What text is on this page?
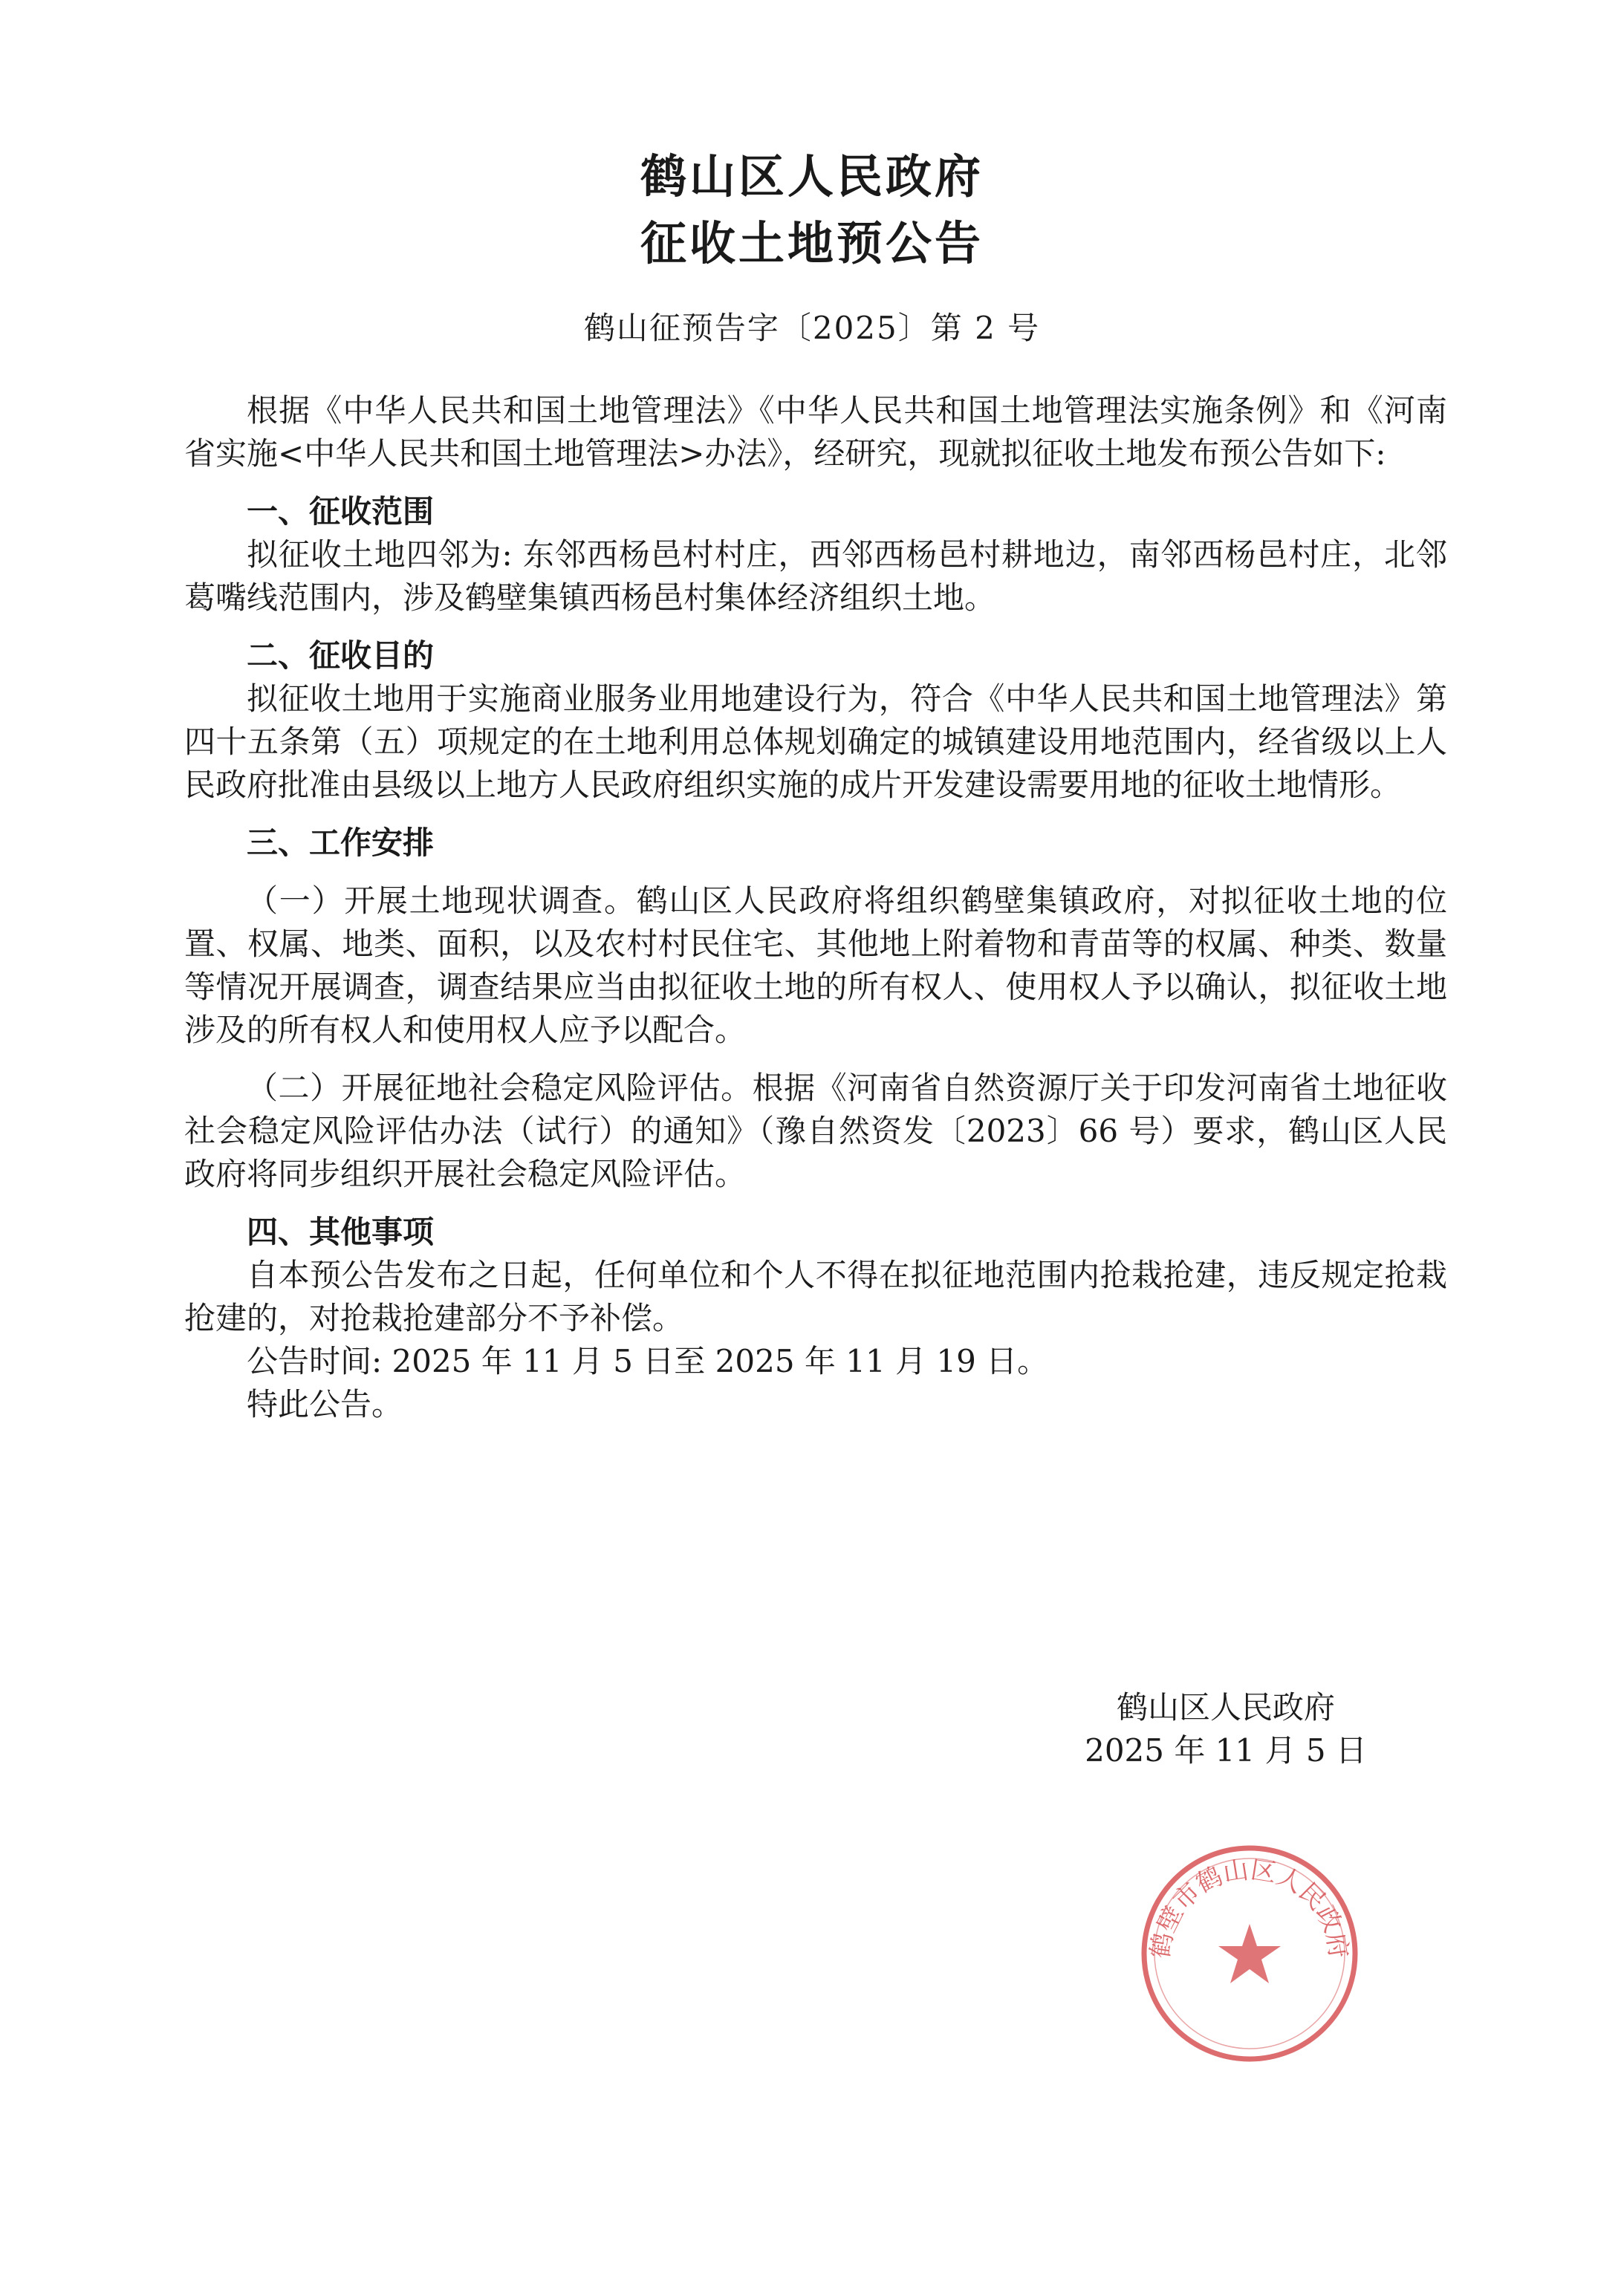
鹤山区人民政府
征收土地预公告
鹤山征预告字〔2025〕第 2 号

根据《中华人民共和国土地管理法》《中华人民共和国土地管理法实施条例》和《河南省实施<中华人民共和国土地管理法>办法》，经研究，现就拟征收土地发布预公告如下:

一、征收范围

拟征收土地四邻为: 东邻西杨邑村村庄，西邻西杨邑村耕地边，南邻西杨邑村庄，北邻葛嘴线范围内，涉及鹤壁集镇西杨邑村集体经济组织土地。

二、征收目的

拟征收土地用于实施商业服务业用地建设行为，符合《中华人民共和国土地管理法》第四十五条第（五）项规定的在土地利用总体规划确定的城镇建设用地范围内，经省级以上人民政府批准由县级以上地方人民政府组织实施的成片开发建设需要用地的征收土地情形。

三、工作安排

（一）开展土地现状调查。鹤山区人民政府将组织鹤壁集镇政府，对拟征收土地的位置、权属、地类、面积，以及农村村民住宅、其他地上附着物和青苗等的权属、种类、数量等情况开展调查，调查结果应当由拟征收土地的所有权人、使用权人予以确认，拟征收土地涉及的所有权人和使用权人应予以配合。

（二）开展征地社会稳定风险评估。根据《河南省自然资源厅关于印发河南省土地征收社会稳定风险评估办法（试行）的通知》（豫自然资发〔2023〕66 号）要求，鹤山区人民政府将同步组织开展社会稳定风险评估。

四、其他事项

自本预公告发布之日起，任何单位和个人不得在拟征地范围内抢栽抢建，违反规定抢栽抢建的，对抢栽抢建部分不予补偿。

公告时间: 2025 年 11 月 5 日至 2025 年 11 月 19 日。

特此公告。

鹤壁市鹤山区人民政府
鹤山区人民政府
2025 年 11 月 5 日
